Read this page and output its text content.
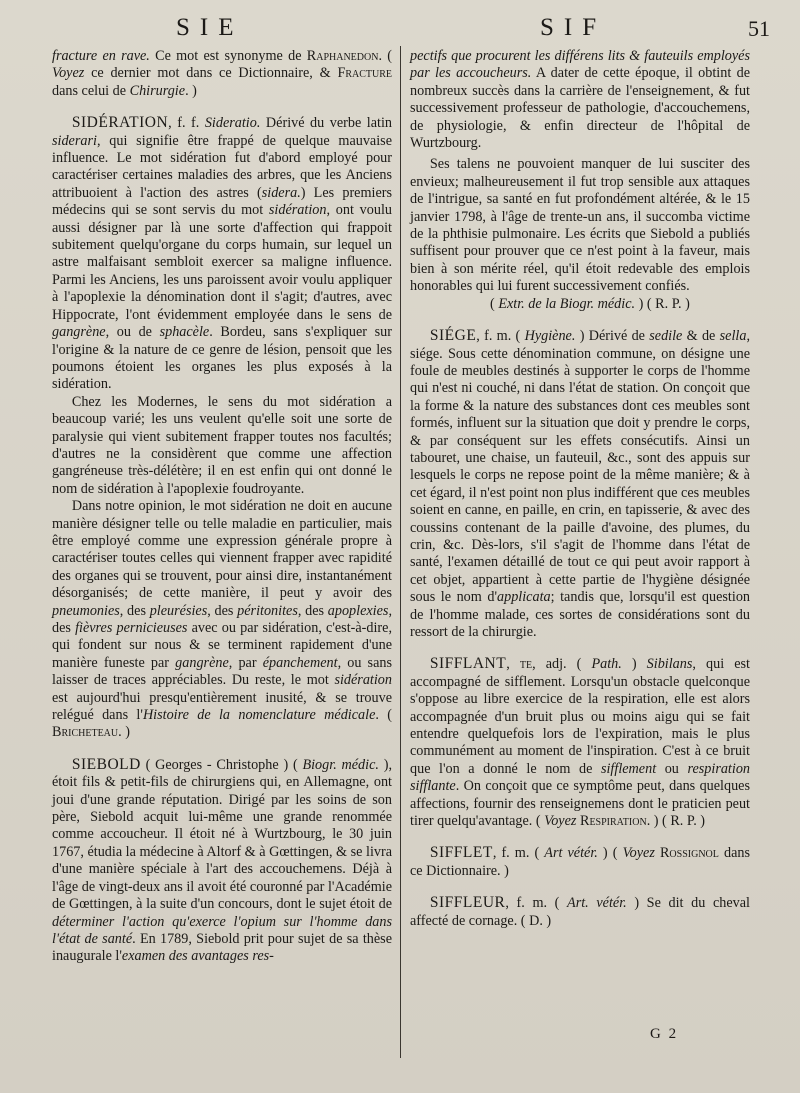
SIE	SIF	51

fracture en rave. Ce mot est synonyme de Raphanedon. ( Voyez ce dernier mot dans ce Dictionnaire, & Fracture dans celui de Chirurgie. )

SIDÉRATION, f. f. Sideratio. Dérivé du verbe latin siderari, qui signifie être frappé de quelque mauvaise influence. Le mot sidération fut d'abord employé pour caractériser certaines maladies des arbres, que les Anciens attribuoient à l'action des astres (sidera.) Les premiers médecins qui se sont servis du mot sidération, ont voulu aussi désigner par là une sorte d'affection qui frappoit subitement quelqu'organe du corps humain, sur lequel un astre malfaisant sembloit exercer sa maligne influence. Parmi les Anciens, les uns paroissent avoir voulu appliquer à l'apoplexie la dénomination dont il s'agit; d'autres, avec Hippocrate, l'ont évidemment employée dans le sens de gangrène, ou de sphacèle. Bordeu, sans s'expliquer sur l'origine & la nature de ce genre de lésion, pensoit que les poumons étoient les organes les plus exposés à la sidération.

Chez les Modernes, le sens du mot sidération a beaucoup varié; les uns veulent qu'elle soit une sorte de paralysie qui vient subitement frapper toutes nos facultés; d'autres ne la considèrent que comme une affection gangréneuse très-délétère; il en est enfin qui ont donné le nom de sidération à l'apoplexie foudroyante.

Dans notre opinion, le mot sidération ne doit en aucune manière désigner telle ou telle maladie en particulier, mais être employé comme une expression générale propre à caractériser toutes celles qui viennent frapper avec rapidité des organes qui se trouvent, pour ainsi dire, instantanément désorganisés; de cette manière, il peut y avoir des pneumonies, des pleurésies, des péritonites, des apoplexies, des fièvres pernicieuses avec ou par sidération, c'est-à-dire, qui fondent sur nous & se terminent rapidement d'une manière funeste par gangrène, par épanchement, ou sans laisser de traces appréciables. Du reste, le mot sidération est aujourd'hui presqu'entièrement inusité, & se trouve relégué dans l'Histoire de la nomenclature médicale. ( Bricheteau. )

SIEBOLD ( Georges - Christophe ) ( Biogr. médic. ), étoit fils & petit-fils de chirurgiens qui, en Allemagne, ont joui d'une grande réputation. Dirigé par les soins de son père, Siebold acquit lui-même une grande renommée comme accoucheur. Il étoit né à Wurtzbourg, le 30 juin 1767, étudia la médecine à Altorf & à Gœttingen, & se livra d'une manière spéciale à l'art des accouchemens. Déjà à l'âge de vingt-deux ans il avoit été couronné par l'Académie de Gœttingen, à la suite d'un concours, dont le sujet étoit de déterminer l'action qu'exerce l'opium sur l'homme dans l'état de santé. En 1789, Siebold prit pour sujet de sa thèse inaugurale l'examen des avantages res-

pectifs que procurent les différens lits & fauteuils employés par les accoucheurs. A dater de cette époque, il obtint de nombreux succès dans la carrière de l'enseignement, & fut successivement professeur de pathologie, d'accouchemens, de physiologie, & enfin directeur de l'hôpital de Wurtzbourg.

Ses talens ne pouvoient manquer de lui susciter des envieux; malheureusement il fut trop sensible aux attaques de l'intrigue, sa santé en fut profondément altérée, & le 15 janvier 1798, à l'âge de trente-un ans, il succomba victime de la phthisie pulmonaire. Les écrits que Siebold a publiés suffisent pour prouver que ce n'est point à la faveur, mais bien à son mérite réel, qu'il étoit redevable des emplois honorables qui lui furent successivement confiés.

( Extr. de la Biogr. médic. ) ( R. P. )

SIÉGE, f. m. ( Hygiène. ) Dérivé de sedile & de sella, siége. Sous cette dénomination commune, on désigne une foule de meubles destinés à supporter le corps de l'homme qui n'est ni couché, ni dans l'état de station. On conçoit que la forme & la nature des substances dont ces meubles sont formés, influent sur la situation que doit y prendre le corps, & par conséquent sur les effets consécutifs. Ainsi un tabouret, une chaise, un fauteuil, &c., sont des appuis sur lesquels le corps ne repose point de la même manière; & à cet égard, il n'est point non plus indifférent que ces meubles soient en canne, en paille, en crin, en tapisserie, & avec des coussins contenant de la paille d'avoine, des plumes, du crin, &c. Dès-lors, s'il s'agit de l'homme dans l'état de santé, l'examen détaillé de tout ce qui peut avoir rapport à cet objet, appartient à cette partie de l'hygiène désignée sous le nom d'applicata; tandis que, lorsqu'il est question de l'homme malade, ces sortes de considérations sont du ressort de la chirurgie.

SIFFLANT, te, adj. ( Path. ) Sibilans, qui est accompagné de sifflement. Lorsqu'un obstacle quelconque s'oppose au libre exercice de la respiration, elle est alors accompagnée d'un bruit plus ou moins aigu qui se fait entendre quelquefois lors de l'expiration, mais le plus communément au moment de l'inspiration. C'est à ce bruit que l'on a donné le nom de sifflement ou respiration sifflante. On conçoit que ce symptôme peut, dans quelques affections, fournir des renseignemens dont le praticien peut tirer quelqu'avantage. ( Voyez Respiration. ) ( R. P. )

SIFFLET, f. m. ( Art vétér. ) ( Voyez Rossignol dans ce Dictionnaire. )

SIFFLEUR, f. m. ( Art. vétér. ) Se dit du cheval affecté de cornage. ( D. )

G 2
